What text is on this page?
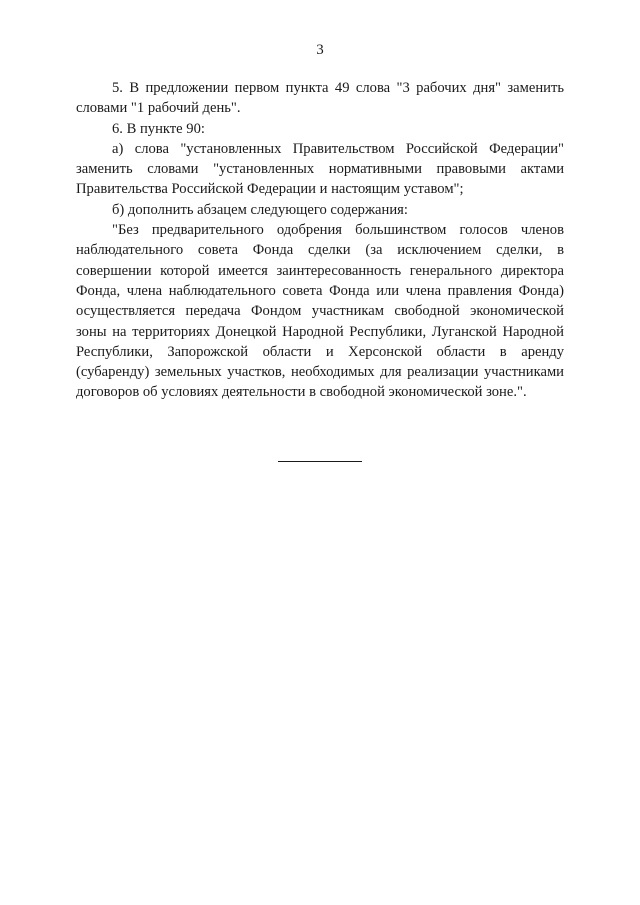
3

5. В предложении первом пункта 49 слова "3 рабочих дня" заменить словами "1 рабочий день".

6. В пункте 90:

а) слова "установленных Правительством Российской Федерации" заменить словами "установленных нормативными правовыми актами Правительства Российской Федерации и настоящим уставом";

б) дополнить абзацем следующего содержания:

"Без предварительного одобрения большинством голосов членов наблюдательного совета Фонда сделки (за исключением сделки, в совершении которой имеется заинтересованность генерального директора Фонда, члена наблюдательного совета Фонда или члена правления Фонда) осуществляется передача Фондом участникам свободной экономической зоны на территориях Донецкой Народной Республики, Луганской Народной Республики, Запорожской области и Херсонской области в аренду (субаренду) земельных участков, необходимых для реализации участниками договоров об условиях деятельности в свободной экономической зоне.".
